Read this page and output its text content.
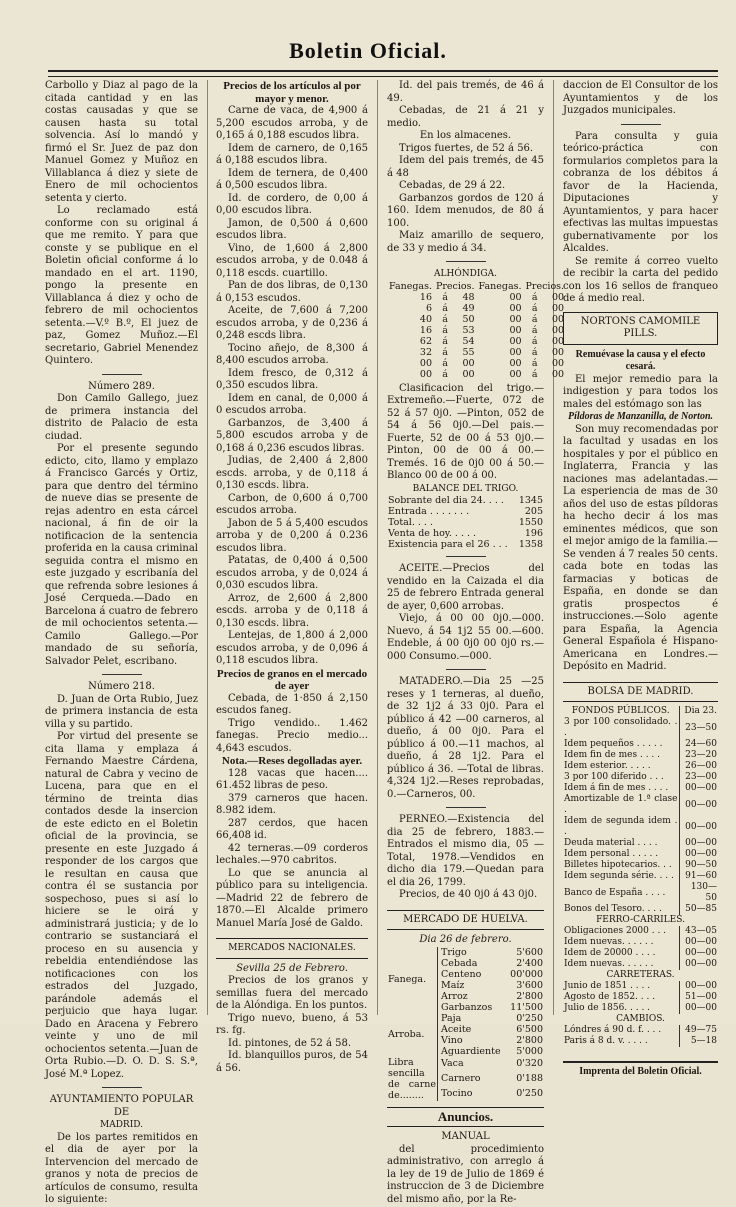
Boletin Oficial.

Carbollo y Diaz al pago de la citada cantidad y en las costas causadas y que se causen hasta su total solvencia. Así lo mandó y firmó el Sr. Juez de paz don Manuel Gomez y Muñoz en Villablanca á diez y siete de Enero de mil ochocientos setenta y cierto.

Lo reclamado está conforme con su original á que me remito. Y para que conste y se publique en el Boletin oficial conforme á lo mandado en el art. 1190, pongo la presente en Villablanca á diez y ocho de febrero de mil ochocientos setenta.—V.º B.º, El juez de paz, Gomez Muñoz.—El secretario, Gabriel Menendez Quintero.

Número 289.

Don Camilo Gallego, juez de primera instancia del distrito de Palacio de esta ciudad.

Por el presente segundo edicto, cito, llamo y emplazo á Francisco Garcés y Ortiz, para que dentro del término de nueve dias se presente de rejas adentro en esta cárcel nacional, á fin de oir la notificacion de la sentencia proferida en la causa criminal seguida contra el mismo en este juzgado y escribanía del que refrenda sobre lesiones á José Cerqueda.—Dado en Barcelona á cuatro de febrero de mil ochocientos setenta.—Camilo Gallego.—Por mandado de su señoría, Salvador Pelet, escribano.

Número 218.

D. Juan de Orta Rubio, Juez de primera instancia de esta villa y su partido.

Por virtud del presente se cita llama y emplaza á Fernando Maestre Cárdena, natural de Cabra y vecino de Lucena, para que en el término de treinta dias contados desde la insercion de este edicto en el Boletin oficial de la provincia, se presente en este Juzgado á responder de los cargos que le resultan en causa que contra él se sustancia por sospechoso, pues si así lo hiciere se le oirá y administrará justicia; y de lo contrario se sustanciará el proceso en su ausencia y rebeldia entendiéndose las notificaciones con los estrados del Juzgado, parándole además el perjuicio que haya lugar. Dado en Aracena y Febrero veinte y uno de mil ochocientos setenta.—Juan de Orta Rubio.—D. O. D. S. S.ª, José M.ª Lopez.

AYUNTAMIENTO POPULAR DE

MADRID.

De los partes remitidos en el dia de ayer por la Intervencion del mercado de granos y nota de precios de artículos de consumo, resulta lo siguiente:

Precios de los artículos al por mayor y menor.

Carne de vaca, de 4,900 á 5,200 escudos arroba, y de 0,165 á 0,188 escudos libra.

Idem de carnero, de 0,165 á 0,188 escudos libra.

Idem de ternera, de 0,400 á 0,500 escudos libra.

Id. de cordero, de 0,00 á 0,00 escudos libra.

Jamon, de 0,500 á 0,600 escudos libra.

Vino, de 1,600 á 2,800 escudos arroba, y de 0.048 á 0,118 escds. cuartillo.

Pan de dos libras, de 0,130 á 0,153 escudos.

Aceite, de 7,600 á 7,200 escudos arroba, y de 0,236 á 0,248 escds libra.

Tocino añejo, de 8,300 á 8,400 escudos arroba.

Idem fresco, de 0,312 á 0,350 escudos libra.

Idem en canal, de 0,000 á 0 escudos arroba.

Garbanzos, de 3,400 á 5,800 escudos arroba y de 0,168 á 0,236 escudos libras.

Judias, de 2,400 á 2,800 escds. arroba, y de 0,118 á 0,130 escds. libra.

Carbon, de 0,600 á 0,700 escudos arroba.

Jabon de 5 á 5,400 escudos arroba y de 0,200 á 0.236 escudos libra.

Patatas, de 0,400 á 0,500 escudos arroba, y de 0,024 á 0,030 escudos libra.

Arroz, de 2,600 á 2,800 escds. arroba y de 0,118 á 0,130 escds. libra.

Lentejas, de 1,800 á 2,000 escudos arroba, y de 0,096 á 0,118 escudos libra.

Precios de granos en el mercado de ayer

Cebada, de 1·850 á 2,150 escudos faneg.

Trigo vendido.. 1.462 fanegas. Precio medio... 4,643 escudos.

Nota.—Reses degolladas ayer.

128 vacas que hacen.... 61.452 libras de peso.

379 carneros que hacen. 8.982 idem.

287 cerdos, que hacen 66,408 id.

42 terneras.—09 corderos lechales.—970 cabritos.

Lo que se anuncia al público para su inteligencia.—Madrid 22 de febrero de 1870.—El Alcalde primero Manuel María José de Galdo.

MERCADOS NACIONALES.

Sevilla 25 de Febrero.

Precios de los granos y semillas fuera del mercado de la Alóndiga. En los puntos.

Trigo nuevo, bueno, á 53 rs. fg.

Id. pintones, de 52 á 58.

Id. blanquillos puros, de 54 á 56.

Id. del pais tremés, de 46 á 49.

Cebadas, de 21 á 21 y medio.

En los almacenes.

Trigos fuertes, de 52 á 56.

Idem del pais tremés, de 45 á 48

Cebadas, de 29 á 22.

Garbanzos gordos de 120 á 160. Idem menudos, de 80 á 100.

Maiz amarillo de sequero, de 33 y medio á 34.

ALHÓNDIGA.

Fanegas.	Precios.		Fanegas.	Precios.	
16	á	48	00	á	00
6	á	49	00	á	00
40	á	50	00	á	00
16	á	53	00	á	00
62	á	54	00	á	00
32	á	55	00	á	00
00	á	00	00	á	00
00	á	00	00	á	00

Clasificacion del trigo.—Extremeño.—Fuerte, 072 de 52 á 57 0j0. —Pinton, 052 de 54 á 56 0j0.—Del pais.—Fuerte, 52 de 00 á 53 0j0.— Pinton, 00 de 00 á 00.—Tremés. 16 de 0j0 00 á 50.—Blanco 00 de 00 á 00.

BALANCE DEL TRIGO.

Sobrante del dia 24. . . .	1345
Entrada . . . . . . .	205
Total. . . .	1550
Venta de hoy. . . . .	196
Existencia para el 26 . . .	1358

ACEITE.—Precios del vendido en la Caizada el dia 25 de febrero Entrada general de ayer, 0,600 arrobas.

Viejo, á 00 00 0j0.—000. Nuevo, á 54 1j2 55 00.—600. Endeble, á 00 0j0 00 0j0 rs.—000 Consumo.—000.

MATADERO.—Dia 25 —25 reses y 1 terneras, al dueño, de 32 1j2 á 33 0j0. Para el público á 42 —00 carneros, al dueño, á 00 0j0. Para el público á 00.—11 machos, al dueño, á 28 1j2. Para el público á 36. —Total de libras. 4,324 1j2.—Reses reprobadas, 0.—Carneros, 00.

PERNEO.—Existencia del dia 25 de febrero, 1883.—Entrados el mismo dia, 05 —Total, 1978.—Vendidos en dicho dia 179.—Quedan para el dia 26, 1799.

Precios, de 40 0j0 á 43 0j0.

MERCADO DE HUELVA.

Dia 26 de febrero.

Fanega.	Trigo	5'600
	Cebada	2'400
	Centeno	00'000
	Maíz	3'600
	Arroz	2'800
	Garbanzos	11'500
Arroba.	Paja	0'250
	Aceite	6'500
	Vino	2'800
	Aguardiente	5'000
Libra sencilla de carne de........	Vaca	0'320
	Carnero	0'188
	Tocino	0'250

Anuncios.

MANUAL

del procedimiento administrativo, con arreglo á la ley de 19 de Julio de 1869 é instruccion de 3 de Diciembre del mismo año, por la Re-

daccion de El Consultor de los Ayuntamientos y de los Juzgados municipales.

Para consulta y guia teórico-práctica con formularios completos para la cobranza de los débitos á favor de la Hacienda, Diputaciones y Ayuntamientos, y para hacer efectivas las multas impuestas gubernativamente por los Alcaldes.

Se remite á correo vuelto de recibir la carta del pedido con los 16 sellos de franqueo de á medio real.

NORTONS CAMOMILE PILLS.

Remuévase la causa y el efecto cesará.

El mejor remedio para la indigestion y para todos los males del estómago son las

Píldoras de Manzanilla, de Norton.

Son muy recomendadas por la facultad y usadas en los hospitales y por el público en Inglaterra, Francia y las naciones mas adelantadas.—La esperiencia de mas de 30 años del uso de estas píldoras ha hecho decir á los mas eminentes médicos, que son el mejor amigo de la familia.—Se venden á 7 reales 50 cents. cada bote en todas las farmacias y boticas de España, en donde se dan gratis prospectos é instrucciones.—Solo agente para España, la Agencia General Española é Hispano-Americana en Londres.—Depósito en Madrid.

BOLSA DE MADRID.

FONDOS PÚBLICOS.	Dia 23.
3 por 100 consolidado. . .	23—50
Idem pequeños . . . . .	24—60
Idem fin de mes . . . .	23—20
Idem esterior. . . . .	26—00
3 por 100 diferido . . .	23—00
Idem á fin de mes . . . .	00—00
Amortizable de 1.ª clase .	00—00
Idem de segunda idem . .	00—00
Deuda material . . . .	00—00
Idem personal . . . . .	00—00
Billetes hipotecarios. . .	90—50
Idem segunda série. . . .	91—60
Banco de España . . . .	130—50
Bonos del Tesoro. . . .	50—85
FERRO-CARRILES.	
Obligaciones 2000 . . .	43—05
Idem nuevas. . . . . .	00—00
Idem de 20000 . . . .	00—00
Idem nuevas. . . . . .	00—00
CARRETERAS.	
Junio de 1851 . . . .	00—00
Agosto de 1852. . . .	51—00
Julio de 1856. . . . .	00—00
CAMBIOS.	
Lóndres á 90 d. f. . . .	49—75
Paris á 8 d. v. . . . .	5—18

Imprenta del Boletin Oficial.
